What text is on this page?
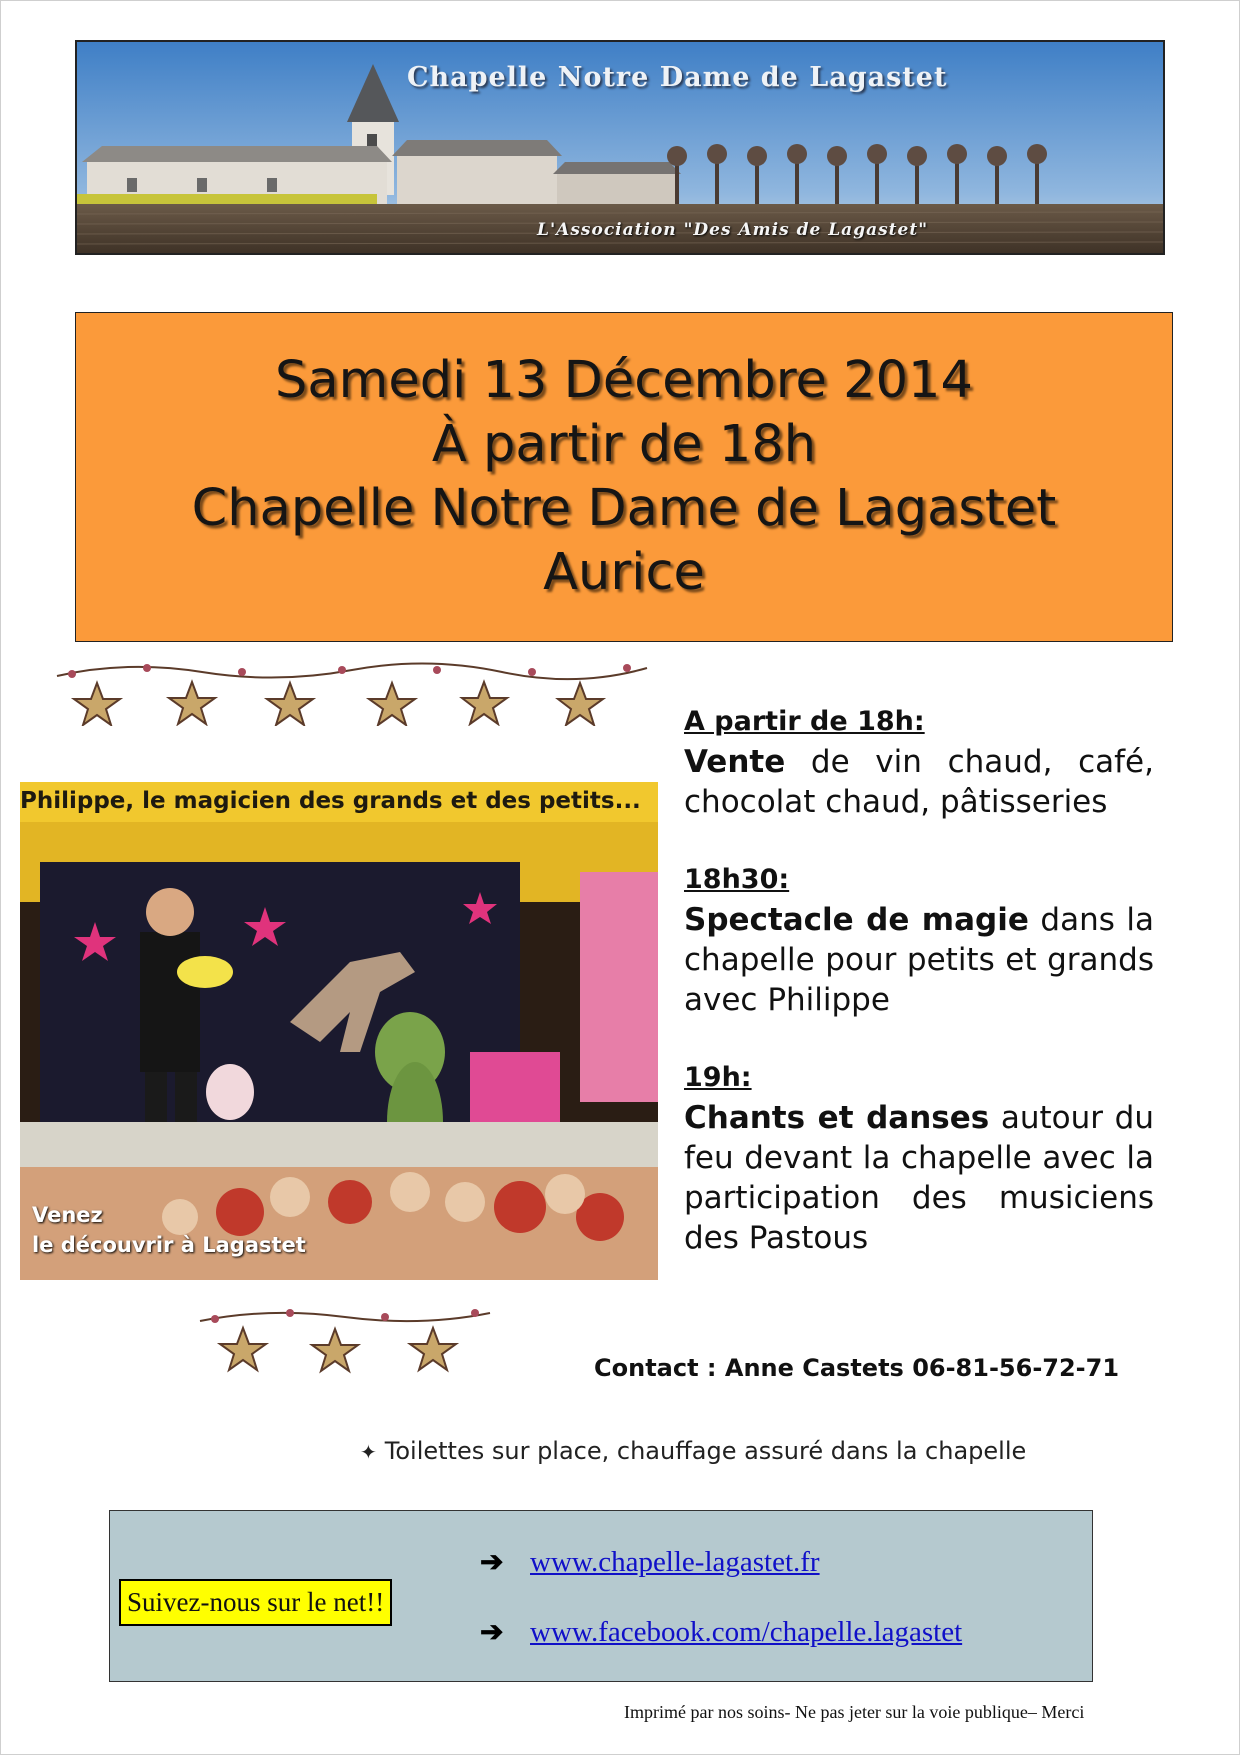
Chapelle Notre Dame de Lagastet
L'Association "Des Amis de Lagastet"
Samedi 13 Décembre 2014
À partir de 18h
Chapelle Notre Dame de Lagastet
Aurice
Philippe, le magicien des grands et des petits...
Venez
le découvrir à Lagastet
A partir de 18h:
Vente de vin chaud, café, chocolat chaud, pâtisseries
18h30:
Spectacle de magie dans la chapelle pour petits et grands avec Philippe
19h:
Chants et danses autour du feu devant la chapelle avec la participation des musiciens des Pastous
Contact : Anne Castets 06-81-56-72-71
✦ Toilettes sur place, chauffage assuré dans la chapelle
Suivez-nous sur le net!!
➔ www.chapelle-lagastet.fr
➔ www.facebook.com/chapelle.lagastet
Imprimé par nos soins- Ne pas jeter sur la voie publique– Merci
